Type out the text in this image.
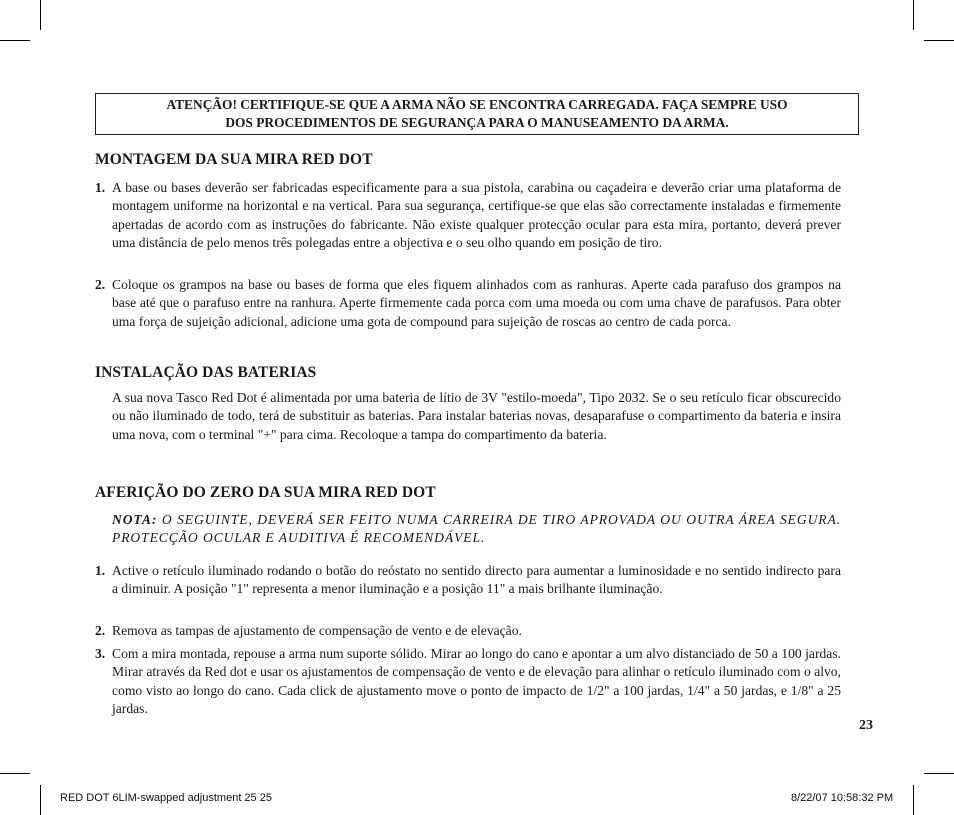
ATENÇÃO! CERTIFIQUE-SE QUE A ARMA NÃO SE ENCONTRA CARREGADA. FAÇA SEMPRE USO
DOS PROCEDIMENTOS DE SEGURANÇA PARA O MANUSEAMENTO DA ARMA.
MONTAGEM DA SUA MIRA RED DOT
1. A base ou bases deverão ser fabricadas especificamente para a sua pistola, carabina ou caçadeira e deverão criar uma plataforma de montagem uniforme na horizontal e na vertical. Para sua segurança, certifique-se que elas são correctamente instaladas e firmemente apertadas de acordo com as instruções do fabricante. Não existe qualquer protecção ocular para esta mira, portanto, deverá prever uma distância de pelo menos três polegadas entre a objectiva e o seu olho quando em posição de tiro.
2. Coloque os grampos na base ou bases de forma que eles fiquem alinhados com as ranhuras. Aperte cada parafuso dos grampos na base até que o parafuso entre na ranhura. Aperte firmemente cada porca com uma moeda ou com uma chave de parafusos. Para obter uma força de sujeição adicional, adicione uma gota de compound para sujeição de roscas ao centro de cada porca.
INSTALAÇÃO DAS BATERIAS
A sua nova Tasco Red Dot é alimentada por uma bateria de lítio de 3V "estilo-moeda", Tipo 2032. Se o seu retículo ficar obscurecido ou não iluminado de todo, terá de substituir as baterias. Para instalar baterias novas, desaparafuse o compartimento da bateria e insira uma nova, com o terminal "+" para cima. Recoloque a tampa do compartimento da bateria.
AFERIÇÃO DO ZERO DA SUA MIRA RED DOT
NOTA: O SEGUINTE, DEVERÁ SER FEITO NUMA CARREIRA DE TIRO APROVADA OU OUTRA ÁREA SEGURA. PROTECÇÃO OCULAR E AUDITIVA É RECOMENDÁVEL.
1. Active o retículo iluminado rodando o botão do reóstato no sentido directo para aumentar a luminosidade e no sentido indirecto para a diminuir. A posição "1" representa a menor iluminação e a posição 11" a mais brilhante iluminação.
2. Remova as tampas de ajustamento de compensação de vento e de elevação.
3. Com a mira montada, repouse a arma num suporte sólido. Mirar ao longo do cano e apontar a um alvo distanciado de 50 a 100 jardas. Mirar através da Red dot e usar os ajustamentos de compensação de vento e de elevação para alinhar o retículo iluminado com o alvo, como visto ao longo do cano. Cada click de ajustamento move o ponto de impacto de 1/2" a 100 jardas, 1/4" a 50 jardas, e 1/8" a 25 jardas.
23
RED DOT 6LIM-swapped adjustment 25 25	8/22/07 10:58:32 PM
